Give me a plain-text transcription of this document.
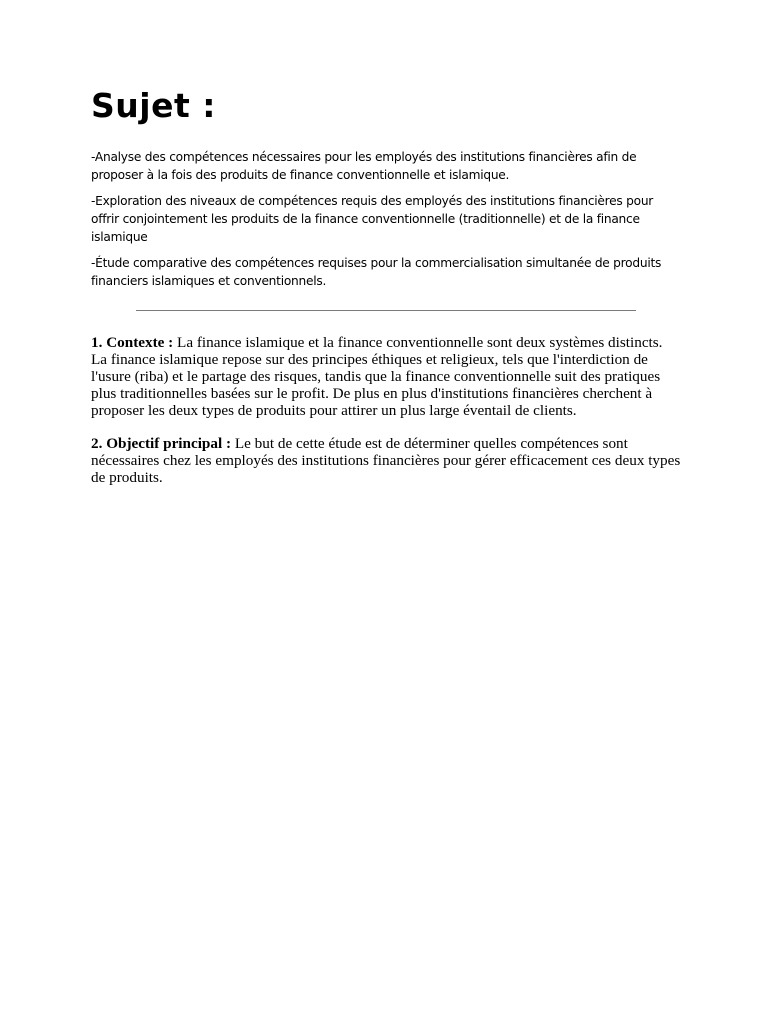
Sujet :

-Analyse des compétences nécessaires pour les employés des institutions financières afin de proposer à la fois des produits de finance conventionnelle et islamique.

-Exploration des niveaux de compétences requis des employés des institutions financières pour offrir conjointement les produits de la finance conventionnelle (traditionnelle) et de la finance islamique

-Étude comparative des compétences requises pour la commercialisation simultanée de produits financiers islamiques et conventionnels.

1. Contexte : La finance islamique et la finance conventionnelle sont deux systèmes distincts. La finance islamique repose sur des principes éthiques et religieux, tels que l'interdiction de l'usure (riba) et le partage des risques, tandis que la finance conventionnelle suit des pratiques plus traditionnelles basées sur le profit. De plus en plus d'institutions financières cherchent à proposer les deux types de produits pour attirer un plus large éventail de clients.

2. Objectif principal : Le but de cette étude est de déterminer quelles compétences sont nécessaires chez les employés des institutions financières pour gérer efficacement ces deux types de produits.
